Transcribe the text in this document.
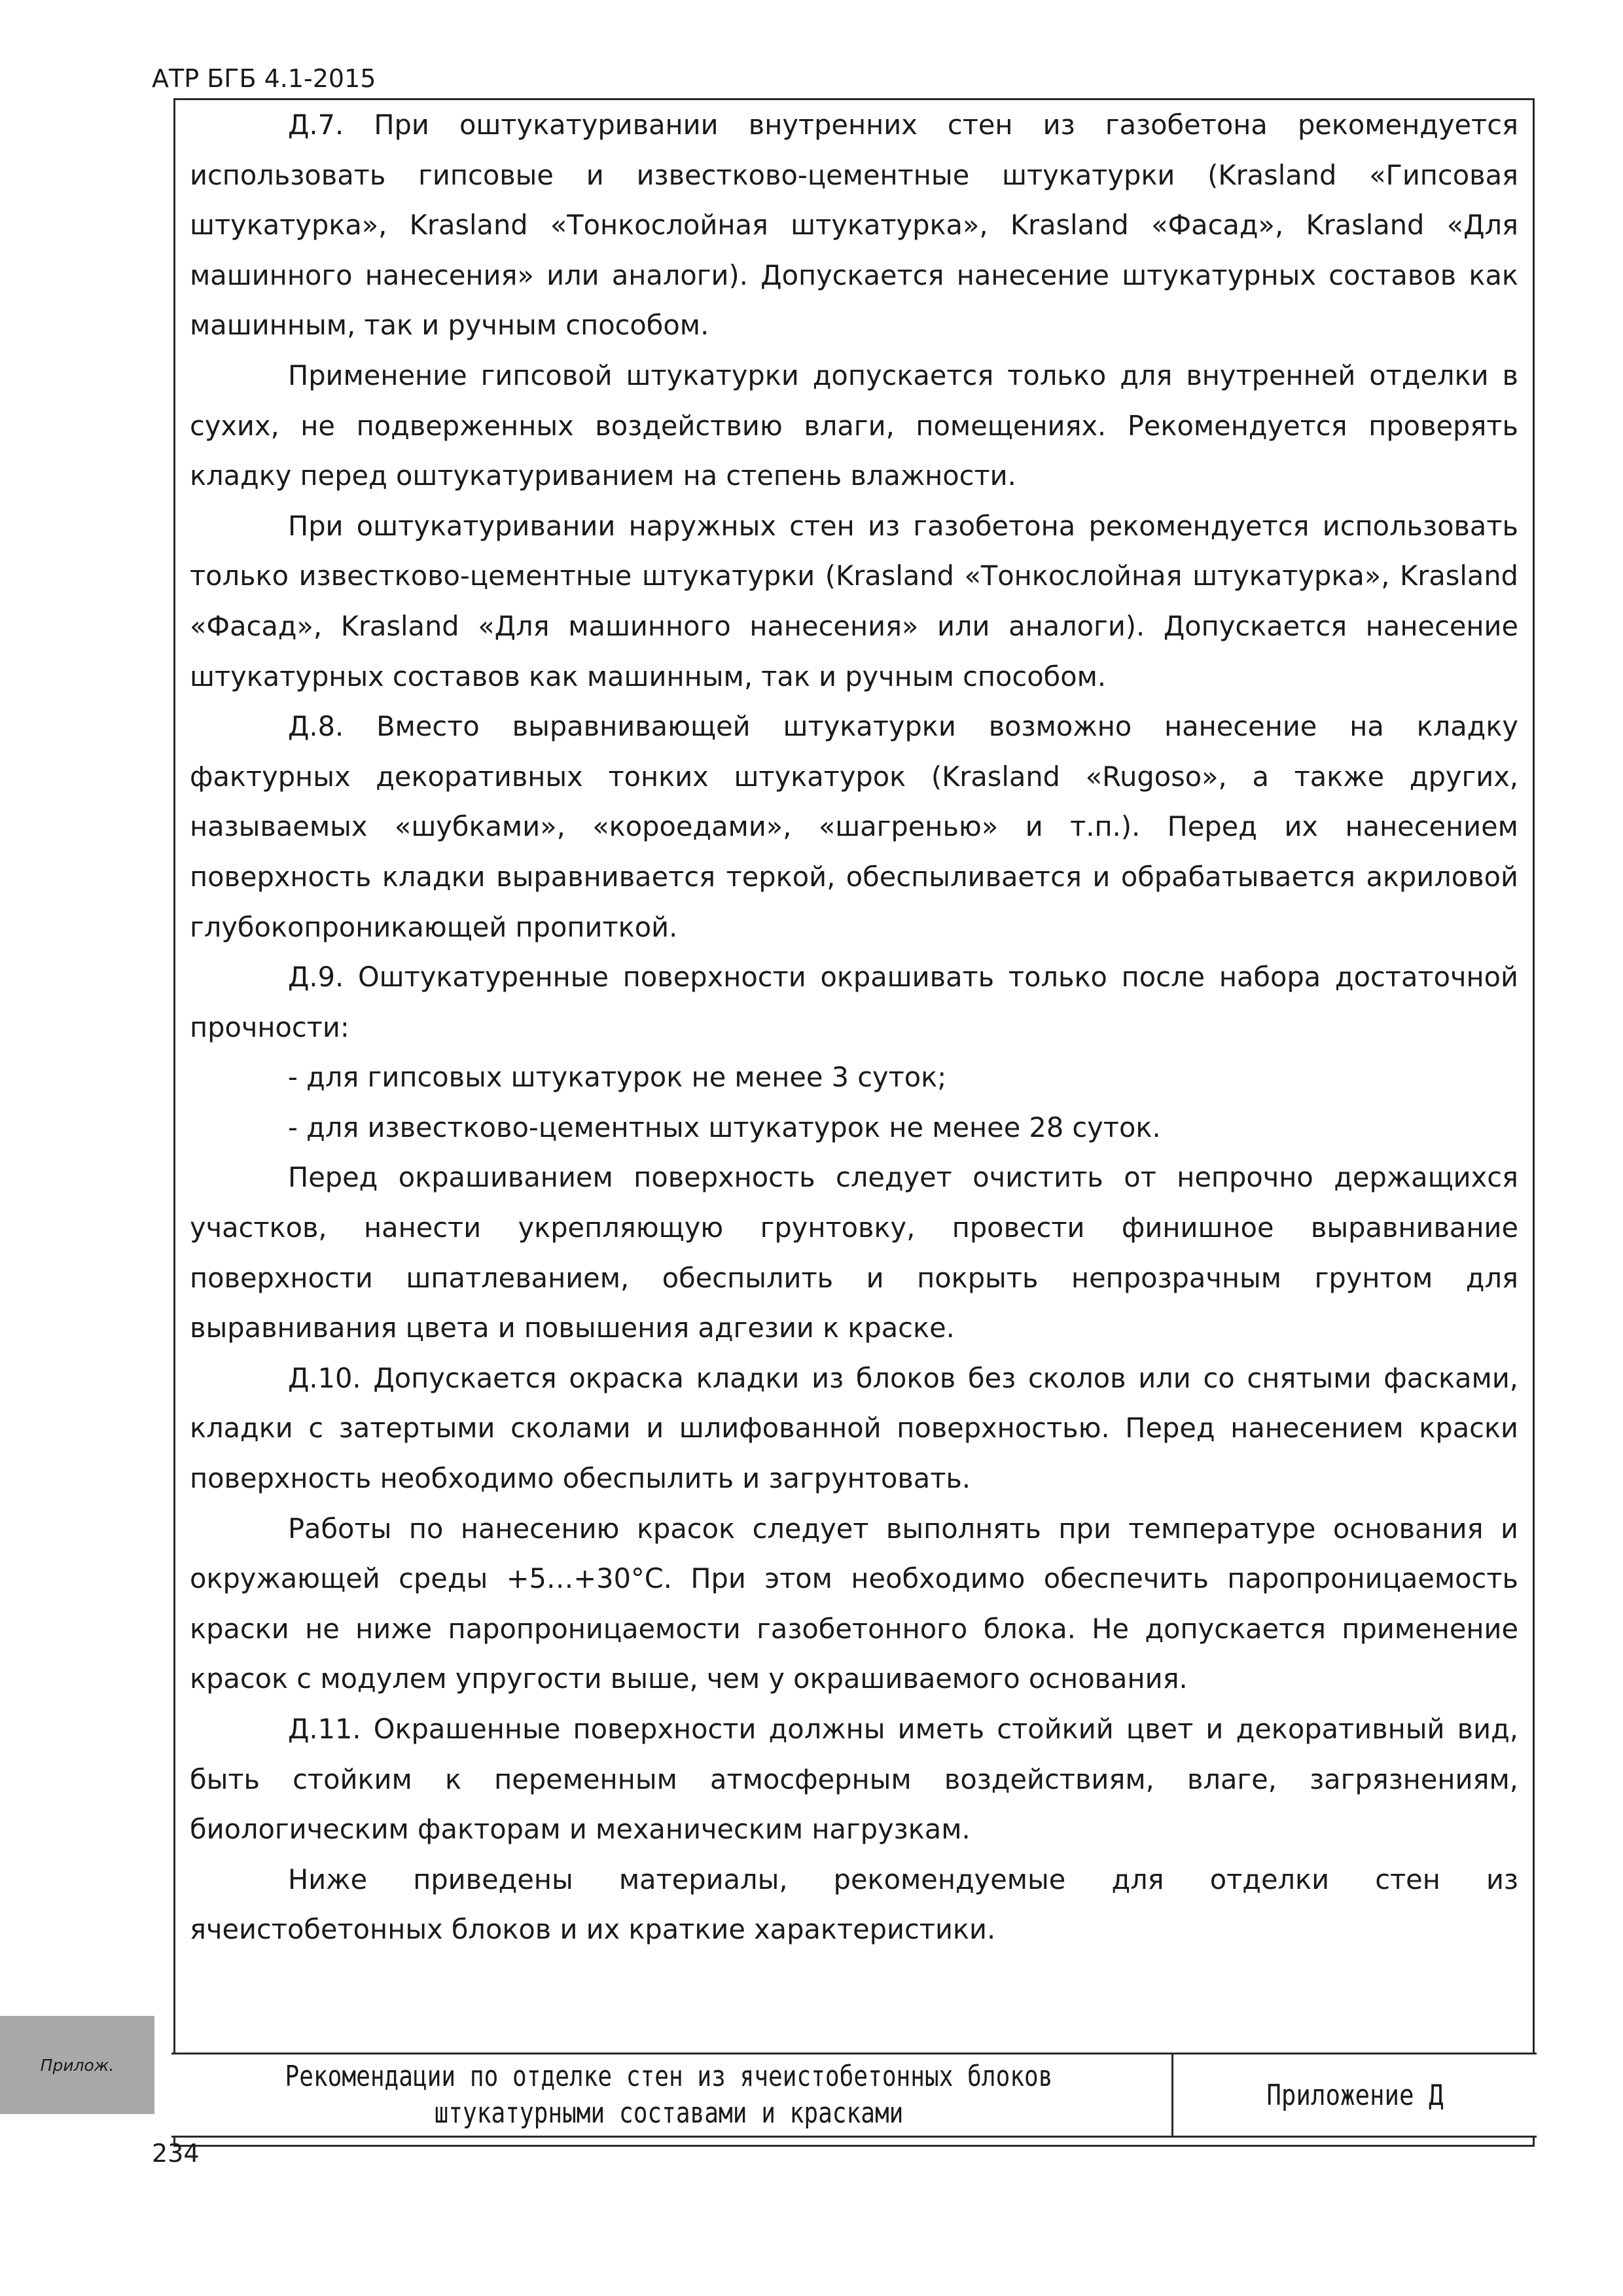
АТР БГБ 4.1-2015

Д.7. При оштукатуривании внутренних стен из газобетона рекомендуется использовать гипсовые и известково-цементные штукатурки (Krasland «Гипсовая штукатурка», Krasland «Тонкослойная штукатурка», Krasland «Фасад», Krasland «Для машинного нанесения» или аналоги). Допускается нанесение штукатурных составов как машинным, так и ручным способом.

Применение гипсовой штукатурки допускается только для внутренней отделки в сухих, не подверженных воздействию влаги, помещениях. Рекомендуется проверять кладку перед оштукатуриванием на степень влажности.

При оштукатуривании наружных стен из газобетона рекомендуется использовать только известково-цементные штукатурки (Krasland «Тонкослойная штукатурка», Krasland «Фасад», Krasland «Для машинного нанесения» или аналоги). Допускается нанесение штукатурных составов как машинным, так и ручным способом.

Д.8. Вместо выравнивающей штукатурки возможно нанесение на кладку фактурных декоративных тонких штукатурок (Krasland «Rugoso», а также других, называемых «шубками», «короедами», «шагренью» и т.п.). Перед их нанесением поверхность кладки выравнивается теркой, обеспыливается и обрабатывается акриловой глубокопроникающей пропиткой.

Д.9. Оштукатуренные поверхности окрашивать только после набора достаточной прочности:

- для гипсовых штукатурок не менее 3 суток;

- для известково-цементных штукатурок не менее 28 суток.

Перед окрашиванием поверхность следует очистить от непрочно держащихся участков, нанести укрепляющую грунтовку, провести финишное выравнивание поверхности шпатлеванием, обеспылить и покрыть непрозрачным грунтом для выравнивания цвета и повышения адгезии к краске.

Д.10. Допускается окраска кладки из блоков без сколов или со снятыми фасками, кладки с затертыми сколами и шлифованной поверхностью. Перед нанесением краски поверхность необходимо обеспылить и загрунтовать.

Работы по нанесению красок следует выполнять при температуре основания и окружающей среды +5…+30°С. При этом необходимо обеспечить паропроницаемость краски не ниже паропроницаемости газобетонного блока. Не допускается применение красок с модулем упругости выше, чем у окрашиваемого основания.

Д.11. Окрашенные поверхности должны иметь стойкий цвет и декоративный вид, быть стойким к переменным атмосферным воздействиям, влаге, загрязнениям, биологическим факторам и механическим нагрузкам.

Ниже приведены материалы, рекомендуемые для отделки стен из ячеистобетонных блоков и их краткие характеристики.

Прилож.	Рекомендации по отделке стен из ячеистобетонных блоков
штукатурными составами и красками
Приложение Д
234
